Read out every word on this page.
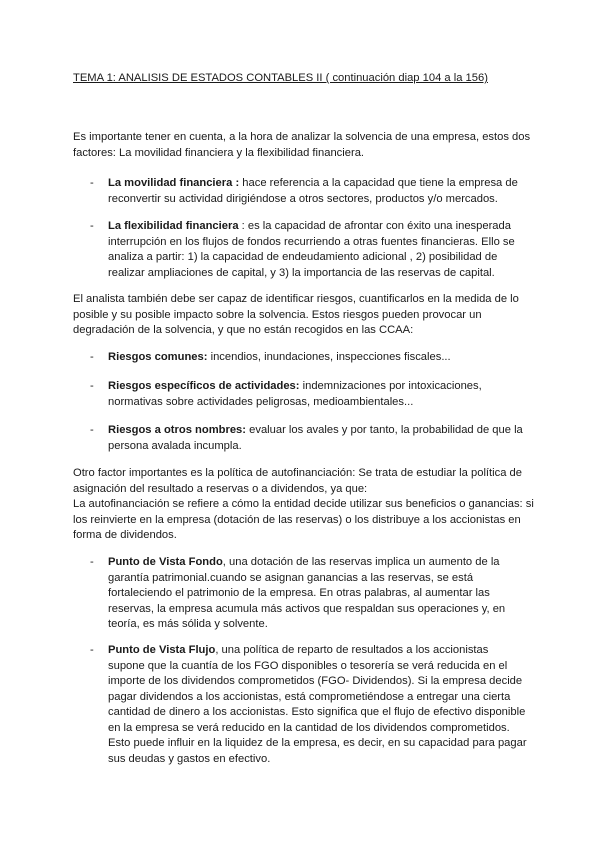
TEMA 1: ANALISIS DE ESTADOS CONTABLES II ( continuación diap 104 a la 156)

Es importante tener en cuenta, a la hora de analizar la solvencia de una empresa, estos dos factores: La movilidad financiera y la flexibilidad financiera.

-	La movilidad financiera : hace referencia a la capacidad que tiene la empresa de reconvertir su actividad dirigiéndose a otros sectores, productos y/o mercados.
-	La flexibilidad financiera : es la capacidad de afrontar con éxito una inesperada interrupción en los flujos de fondos recurriendo a otras fuentes financieras. Ello se analiza a partir: 1) la capacidad de endeudamiento adicional , 2) posibilidad de realizar ampliaciones de capital, y 3) la importancia de las reservas de capital.

El analista también debe ser capaz de identificar riesgos, cuantificarlos en la medida de lo posible y su posible impacto sobre la solvencia. Estos riesgos pueden provocar un degradación de la solvencia, y que no están recogidos en las CCAA:

-	Riesgos comunes: incendios, inundaciones, inspecciones fiscales...
-	Riesgos específicos de actividades: indemnizaciones por intoxicaciones, normativas sobre actividades peligrosas, medioambientales...
-	Riesgos a otros nombres: evaluar los avales y por tanto, la probabilidad de que la persona avalada incumpla.

Otro factor importantes es la política de autofinanciación: Se trata de estudiar la política de asignación del resultado a reservas o a dividendos, ya que:

La autofinanciación se refiere a cómo la entidad decide utilizar sus beneficios o ganancias: si los reinvierte en la empresa (dotación de las reservas) o los distribuye a los accionistas en forma de dividendos.

-	Punto de Vista Fondo, una dotación de las reservas implica un aumento de la garantía patrimonial.cuando se asignan ganancias a las reservas, se está fortaleciendo el patrimonio de la empresa. En otras palabras, al aumentar las reservas, la empresa acumula más activos que respaldan sus operaciones y, en teoría, es más sólida y solvente.
-	Punto de Vista Flujo, una política de reparto de resultados a los accionistas supone que la cuantía de los FGO disponibles o tesorería se verá reducida en el importe de los dividendos comprometidos (FGO- Dividendos). Si la empresa decide pagar dividendos a los accionistas, está comprometiéndose a entregar una cierta cantidad de dinero a los accionistas. Esto significa que el flujo de efectivo disponible en la empresa se verá reducido en la cantidad de los dividendos comprometidos. Esto puede influir en la liquidez de la empresa, es decir, en su capacidad para pagar sus deudas y gastos en efectivo.
